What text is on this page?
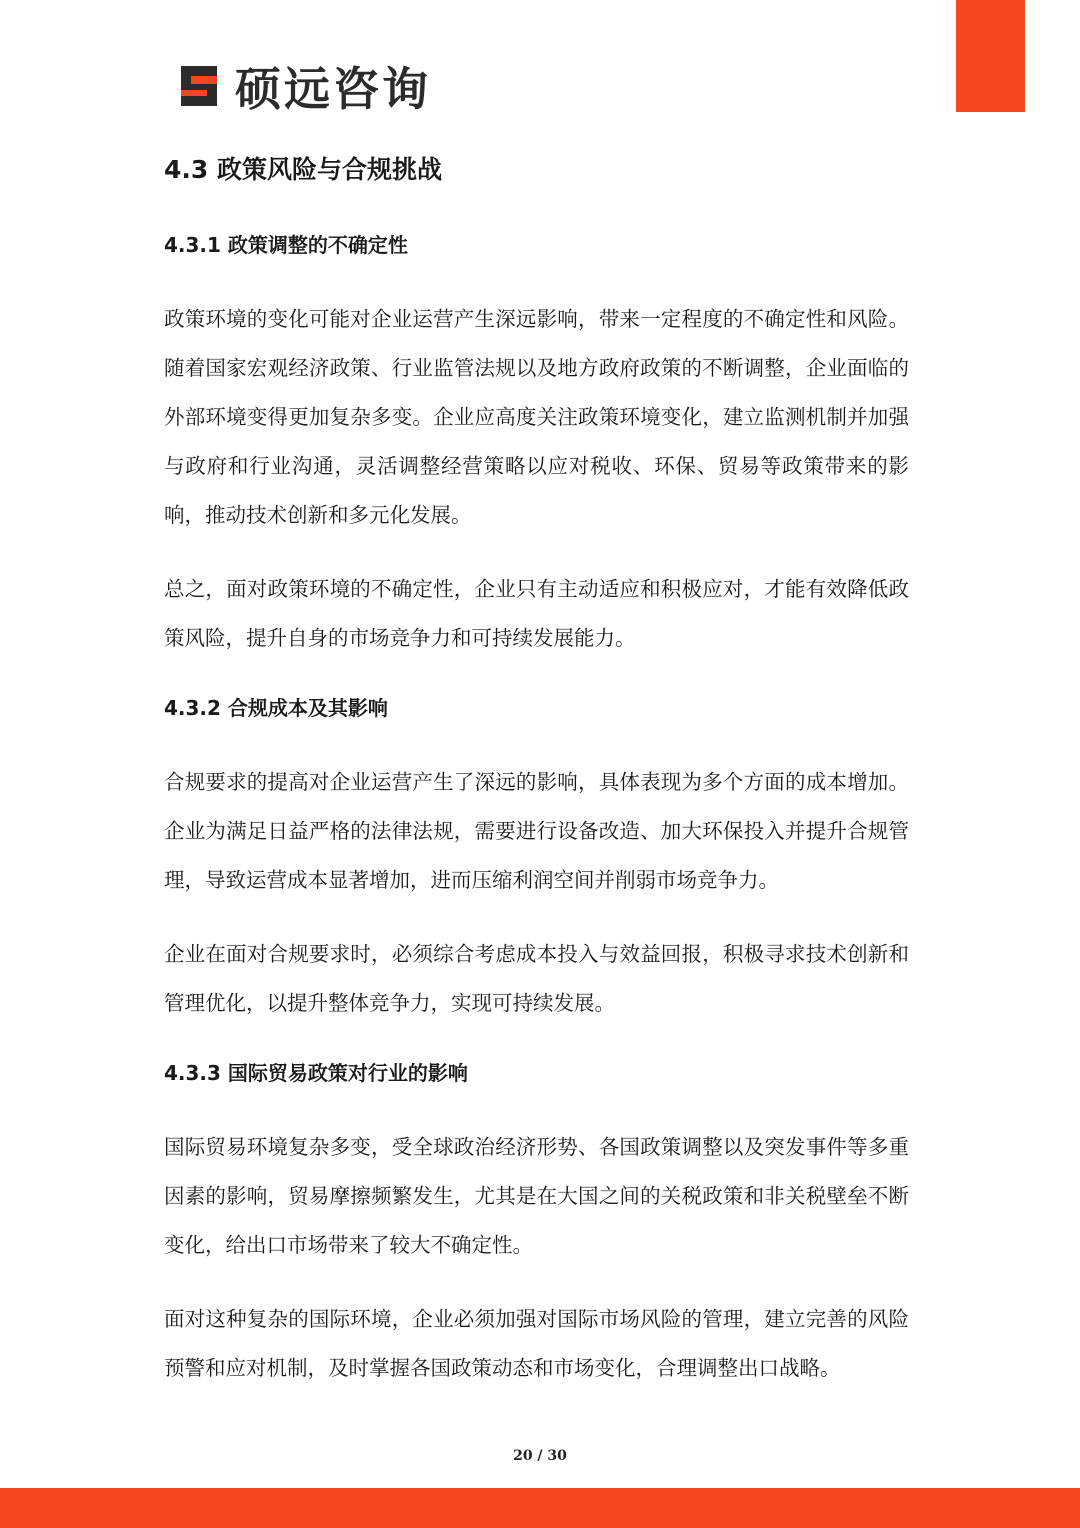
硕远咨询
4.3 政策风险与合规挑战
4.3.1 政策调整的不确定性

政策环境的变化可能对企业运营产生深远影响，带来一定程度的不确定性和风险。随着国家宏观经济政策、行业监管法规以及地方政府政策的不断调整，企业面临的外部环境变得更加复杂多变。企业应高度关注政策环境变化，建立监测机制并加强与政府和行业沟通，灵活调整经营策略以应对税收、环保、贸易等政策带来的影响，推动技术创新和多元化发展。

总之，面对政策环境的不确定性，企业只有主动适应和积极应对，才能有效降低政策风险，提升自身的市场竞争力和可持续发展能力。

4.3.2 合规成本及其影响

合规要求的提高对企业运营产生了深远的影响，具体表现为多个方面的成本增加。企业为满足日益严格的法律法规，需要进行设备改造、加大环保投入并提升合规管理，导致运营成本显著增加，进而压缩利润空间并削弱市场竞争力。

企业在面对合规要求时，必须综合考虑成本投入与效益回报，积极寻求技术创新和管理优化，以提升整体竞争力，实现可持续发展。

4.3.3 国际贸易政策对行业的影响

国际贸易环境复杂多变，受全球政治经济形势、各国政策调整以及突发事件等多重因素的影响，贸易摩擦频繁发生，尤其是在大国之间的关税政策和非关税壁垒不断变化，给出口市场带来了较大不确定性。

面对这种复杂的国际环境，企业必须加强对国际市场风险的管理，建立完善的风险预警和应对机制，及时掌握各国政策动态和市场变化，合理调整出口战略。

20 / 30
